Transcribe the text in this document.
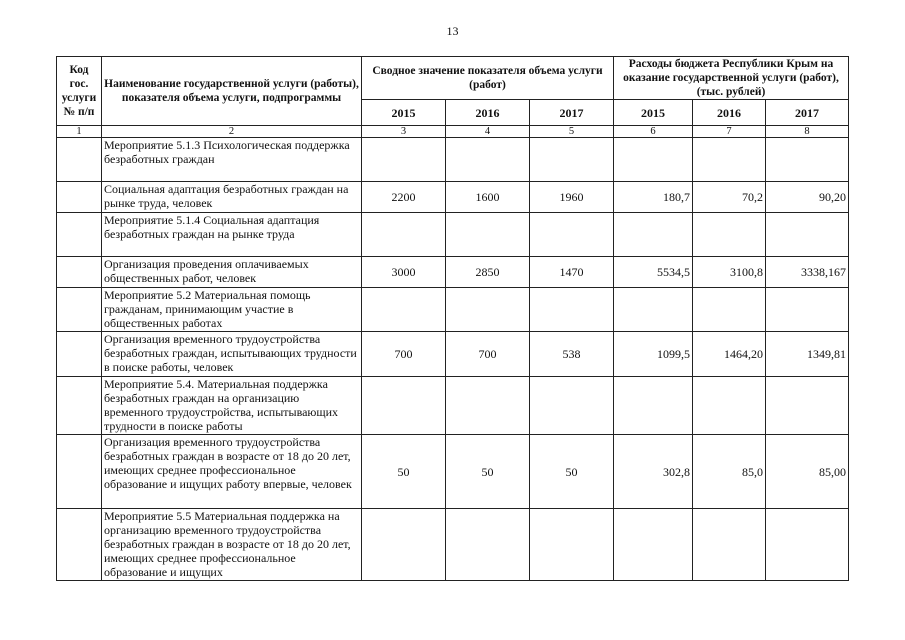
13
Код гос. услуги № п/п	Наименование государственной услуги (работы), показателя объема услуги, подпрограммы	Сводное значение показателя объема услуги (работ)			Расходы бюджета Республики Крым на оказание государственной услуги (работ), (тыс. рублей)		
		2015	2016	2017	2015	2016	2017
1	2	3	4	5	6	7	8
	Мероприятие 5.1.3 Психологическая поддержка безработных граждан						
	Социальная адаптация безработных граждан на рынке труда, человек	2200	1600	1960	180,7	70,2	90,20
	Мероприятие 5.1.4 Социальная адаптация безработных граждан на рынке труда						
	Организация проведения оплачиваемых общественных работ, человек	3000	2850	1470	5534,5	3100,8	3338,167
	Мероприятие 5.2 Материальная помощь гражданам, принимающим участие в общественных работах						
	Организация временного трудоустройства безработных граждан, испытывающих трудности в поиске работы, человек	700	700	538	1099,5	1464,20	1349,81
	Мероприятие 5.4. Материальная поддержка безработных граждан на организацию временного трудоустройства, испытывающих трудности в поиске работы						
	Организация временного трудоустройства безработных граждан в возрасте от 18 до 20 лет, имеющих среднее профессиональное образование и ищущих работу впервые, человек	50	50	50	302,8	85,0	85,00
	Мероприятие 5.5 Материальная поддержка на организацию временного трудоустройства безработных граждан в возрасте от 18 до 20 лет, имеющих среднее профессиональное образование и ищущих						
